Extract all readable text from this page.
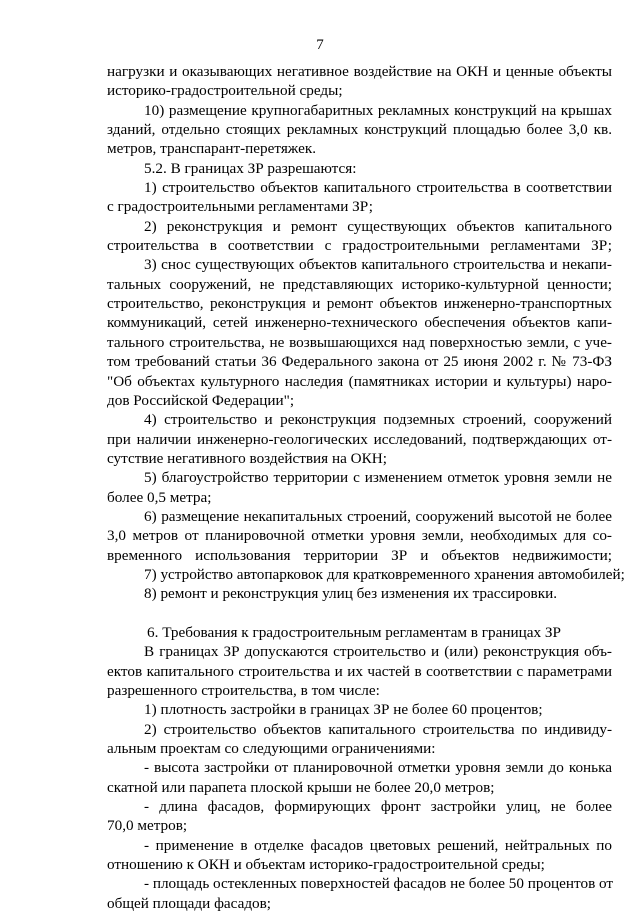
7
нагрузки и оказывающих негативное воздействие на ОКН и ценные объекты
историко-градостроительной среды;
10) размещение крупногабаритных рекламных конструкций на крышах
зданий, отдельно стоящих рекламных конструкций площадью более 3,0 кв.
метров, транспарант-перетяжек.
5.2. В границах ЗР разрешаются:
1) строительство объектов капитального строительства в соответствии
с градостроительными регламентами ЗР;
2) реконструкция и ремонт существующих объектов капитального
строительства в соответствии с градостроительными регламентами ЗР;
3) снос существующих объектов капитального строительства и некапи-
тальных сооружений, не представляющих историко-культурной ценности;
строительство, реконструкция и ремонт объектов инженерно-транспортных
коммуникаций, сетей инженерно-технического обеспечения объектов капи-
тального строительства, не возвышающихся над поверхностью земли, с уче-
том требований статьи 36 Федерального закона от 25 июня 2002 г. № 73-ФЗ
"Об объектах культурного наследия (памятниках истории и культуры) наро-
дов Российской Федерации";
4) строительство и реконструкция подземных строений, сооружений
при наличии инженерно-геологических исследований, подтверждающих от-
сутствие негативного воздействия на ОКН;
5) благоустройство территории с изменением отметок уровня земли не
более 0,5 метра;
6) размещение некапитальных строений, сооружений высотой не более
3,0 метров от планировочной отметки уровня земли, необходимых для со-
временного использования территории ЗР и объектов недвижимости;
7) устройство автопарковок для кратковременного хранения автомобилей;
8) ремонт и реконструкция улиц без изменения их трассировки.
6. Требования к градостроительным регламентам в границах ЗР
В границах ЗР допускаются строительство и (или) реконструкция объ-
ектов капитального строительства и их частей в соответствии с параметрами
разрешенного строительства, в том числе:
1) плотность застройки в границах ЗР не более 60 процентов;
2) строительство объектов капитального строительства по индивиду-
альным проектам со следующими ограничениями:
- высота застройки от планировочной отметки уровня земли до конька
скатной или парапета плоской крыши не более 20,0 метров;
- длина фасадов, формирующих фронт застройки улиц, не более
70,0 метров;
- применение в отделке фасадов цветовых решений, нейтральных по
отношению к ОКН и объектам историко-градостроительной среды;
- площадь остекленных поверхностей фасадов не более 50 процентов от
общей площади фасадов;
